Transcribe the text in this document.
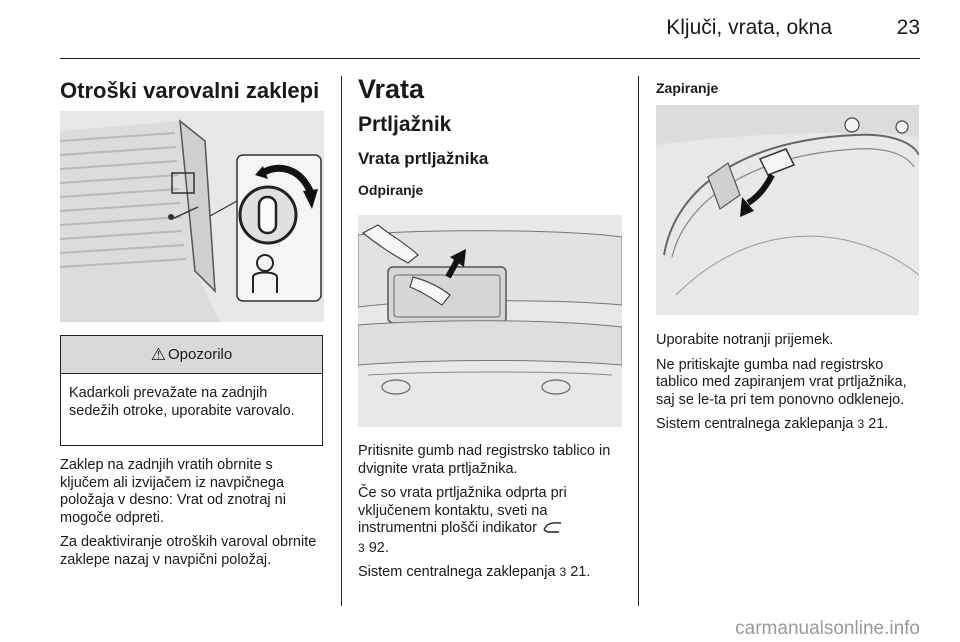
Ključi, vrata, okna	23
Otroški varovalni zaklepi
⚠ Opozorilo
Kadarkoli prevažate na zadnjih sedežih otroke, uporabite varovalo.

Zaklep na zadnjih vratih obrnite s ključem ali izvijačem iz navpičnega položaja v desno: Vrat od znotraj ni mogoče odpreti.

Za deaktiviranje otroških varoval obrnite zaklepe nazaj v navpični položaj.

Vrata
Prtljažnik
Vrata prtljažnika
Odpiranje

Pritisnite gumb nad registrsko tablico in dvignite vrata prtljažnika.

Če so vrata prtljažnika odprta pri vključenem kontaktu, sveti na instrumentni plošči indikator
3 92.

Sistem centralnega zaklepanja 3 21.

Zapiranje

Uporabite notranji prijemek.

Ne pritiskajte gumba nad registrsko tablico med zapiranjem vrat prtljažnika, saj se le-ta pri tem ponovno odklenejo.

Sistem centralnega zaklepanja 3 21.

carmanualsonline.info
